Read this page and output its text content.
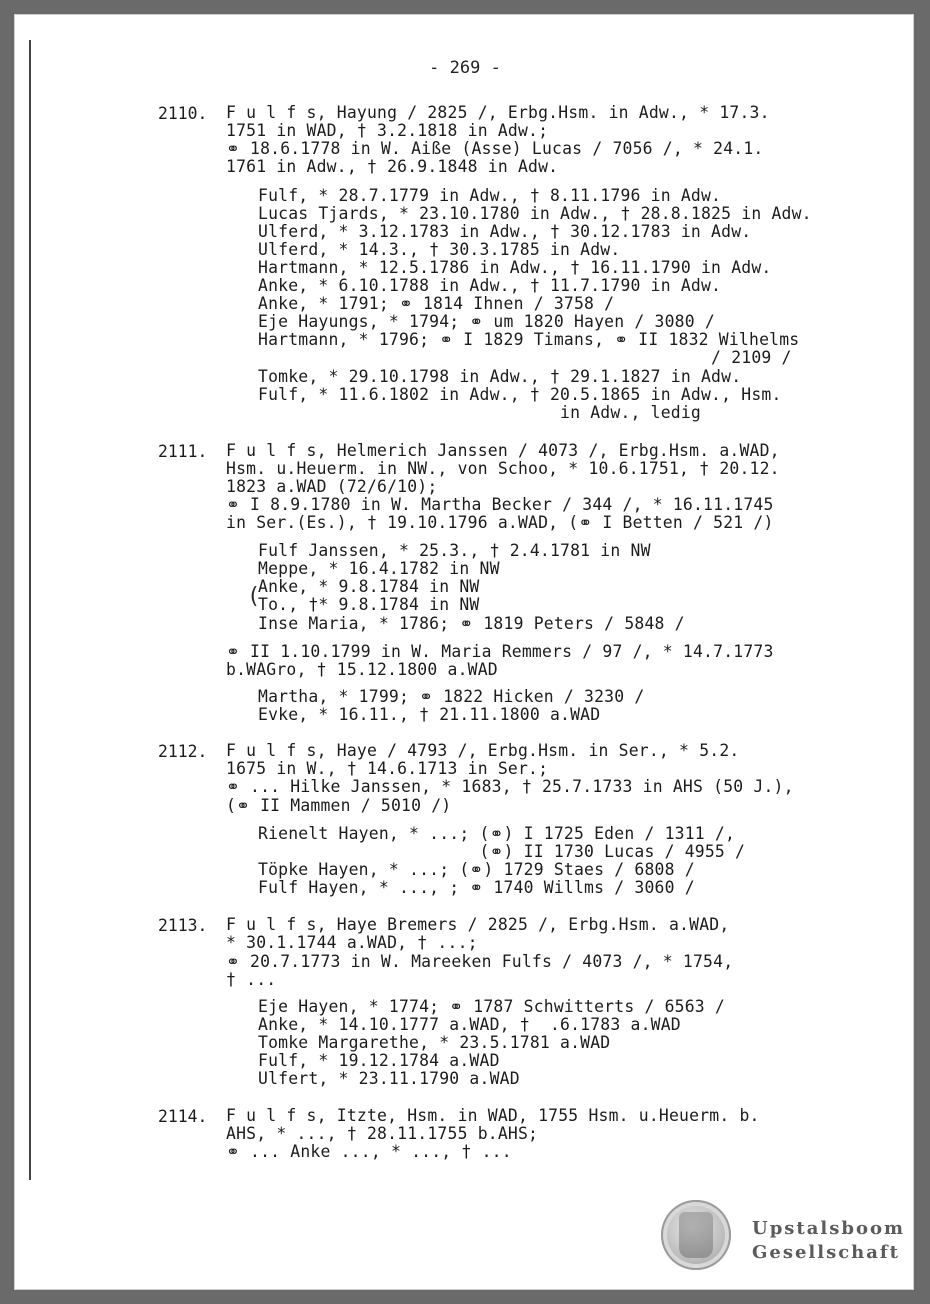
- 269 -
2110. F u l f s, Hayung / 2825 /, Erbg.Hsm. in Adw., * 17.3.
1751 in WAD, † 3.2.1818 in Adw.;
⚭ 18.6.1778 in W. Aiße (Asse) Lucas / 7056 /, * 24.1.
1761 in Adw., † 26.9.1848 in Adw.
Fulf, * 28.7.1779 in Adw., † 8.11.1796 in Adw.
Lucas Tjards, * 23.10.1780 in Adw., † 28.8.1825 in Adw.
Ulferd, * 3.12.1783 in Adw., † 30.12.1783 in Adw.
Ulferd, * 14.3., † 30.3.1785 in Adw.
Hartmann, * 12.5.1786 in Adw., † 16.11.1790 in Adw.
Anke, * 6.10.1788 in Adw., † 11.7.1790 in Adw.
Anke, * 1791; ⚭ 1814 Ihnen / 3758 /
Eje Hayungs, * 1794; ⚭ um 1820 Hayen / 3080 /
Hartmann, * 1796; ⚭ I 1829 Timans, ⚭ II 1832 Wilhelms
/ 2109 /
Tomke, * 29.10.1798 in Adw., † 29.1.1827 in Adw.
Fulf, * 11.6.1802 in Adw., † 20.5.1865 in Adw., Hsm.
in Adw., ledig
2111. F u l f s, Helmerich Janssen / 4073 /, Erbg.Hsm. a.WAD,
Hsm. u.Heuerm. in NW., von Schoo, * 10.6.1751, † 20.12.
1823 a.WAD (72/6/10);
⚭ I 8.9.1780 in W. Martha Becker / 344 /, * 16.11.1745
in Ser.(Es.), † 19.10.1796 a.WAD, (⚭ I Betten / 521 /)
Fulf Janssen, * 25.3., † 2.4.1781 in NW
Meppe, * 16.4.1782 in NW
(
Anke, * 9.8.1784 in NW
To., †* 9.8.1784 in NW
Inse Maria, * 1786; ⚭ 1819 Peters / 5848 /
⚭ II 1.10.1799 in W. Maria Remmers / 97 /, * 14.7.1773
b.WAGro, † 15.12.1800 a.WAD
Martha, * 1799; ⚭ 1822 Hicken / 3230 /
Evke, * 16.11., † 21.11.1800 a.WAD
2112. F u l f s, Haye / 4793 /, Erbg.Hsm. in Ser., * 5.2.
1675 in W., † 14.6.1713 in Ser.;
⚭ ... Hilke Janssen, * 1683, † 25.7.1733 in AHS (50 J.),
(⚭ II Mammen / 5010 /)
Rienelt Hayen, * ...; (⚭) I 1725 Eden / 1311 /,
(⚭) II 1730 Lucas / 4955 /
Töpke Hayen, * ...; (⚭) 1729 Staes / 6808 /
Fulf Hayen, * ..., ; ⚭ 1740 Willms / 3060 /
2113. F u l f s, Haye Bremers / 2825 /, Erbg.Hsm. a.WAD,
* 30.1.1744 a.WAD, † ...;
⚭ 20.7.1773 in W. Mareeken Fulfs / 4073 /, * 1754,
† ...
Eje Hayen, * 1774; ⚭ 1787 Schwitterts / 6563 /
Anke, * 14.10.1777 a.WAD, †  .6.1783 a.WAD
Tomke Margarethe, * 23.5.1781 a.WAD
Fulf, * 19.12.1784 a.WAD
Ulfert, * 23.11.1790 a.WAD
2114. F u l f s, Itzte, Hsm. in WAD, 1755 Hsm. u.Heuerm. b.
AHS, * ..., † 28.11.1755 b.AHS;
⚭ ... Anke ..., * ..., † ...
Upstalsboom
Gesellschaft
